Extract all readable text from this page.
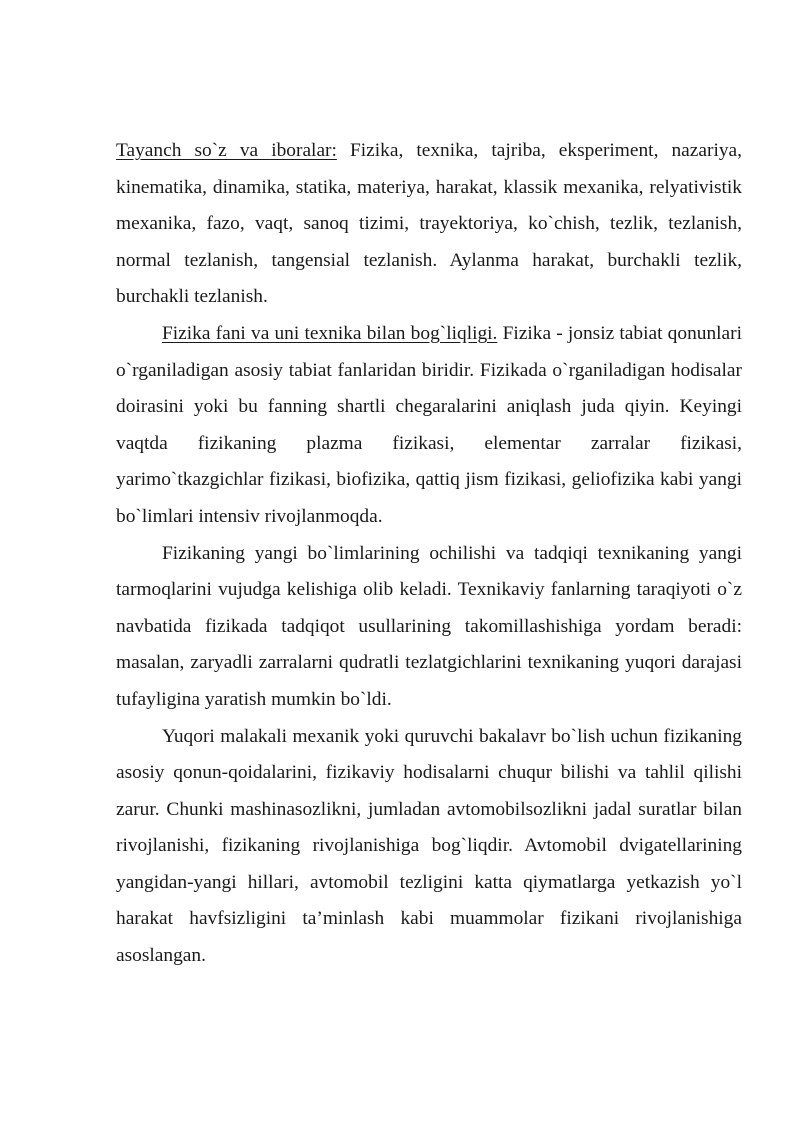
Tayanch so`z va iboralar: Fizika, texnika, tajriba, eksperiment, nazariya, kinematika, dinamika, statika, materiya, harakat, klassik mexanika, relyativistik mexanika, fazo, vaqt, sanoq tizimi, trayektoriya, ko`chish, tezlik, tezlanish, normal tezlanish, tangensial tezlanish. Aylanma harakat, burchakli tezlik, burchakli tezlanish.

Fizika fani va uni texnika bilan bog`liqligi. Fizika - jonsiz tabiat qonunlari o`rganiladigan asosiy tabiat fanlaridan biridir. Fizikada o`rganiladigan hodisalar doirasini yoki bu fanning shartli chegaralarini aniqlash juda qiyin. Keyingi vaqtda fizikaning plazma fizikasi, elementar zarralar fizikasi, yarimo`tkazgichlar fizikasi, biofizika, qattiq jism fizikasi, geliofizika kabi yangi bo`limlari intensiv rivojlanmoqda.

Fizikaning yangi bo`limlarining ochilishi va tadqiqi texnikaning yangi tarmoqlarini vujudga kelishiga olib keladi. Texnikaviy fanlarning taraqiyoti o`z navbatida fizikada tadqiqot usullarining takomillashishiga yordam beradi: masalan, zaryadli zarralarni qudratli tezlatgichlarini texnikaning yuqori darajasi tufayligina yaratish mumkin bo`ldi.

Yuqori malakali mexanik yoki quruvchi bakalavr bo`lish uchun fizikaning asosiy qonun-qoidalarini, fizikaviy hodisalarni chuqur bilishi va tahlil qilishi zarur. Chunki mashinasozlikni, jumladan avtomobilsozlikni jadal suratlar bilan rivojlanishi, fizikaning rivojlanishiga bog`liqdir. Avtomobil dvigatellarining yangidan-yangi hillari, avtomobil tezligini katta qiymatlarga yetkazish yo`l harakat havfsizligini ta’minlash kabi muammolar fizikani rivojlanishiga asoslangan.
